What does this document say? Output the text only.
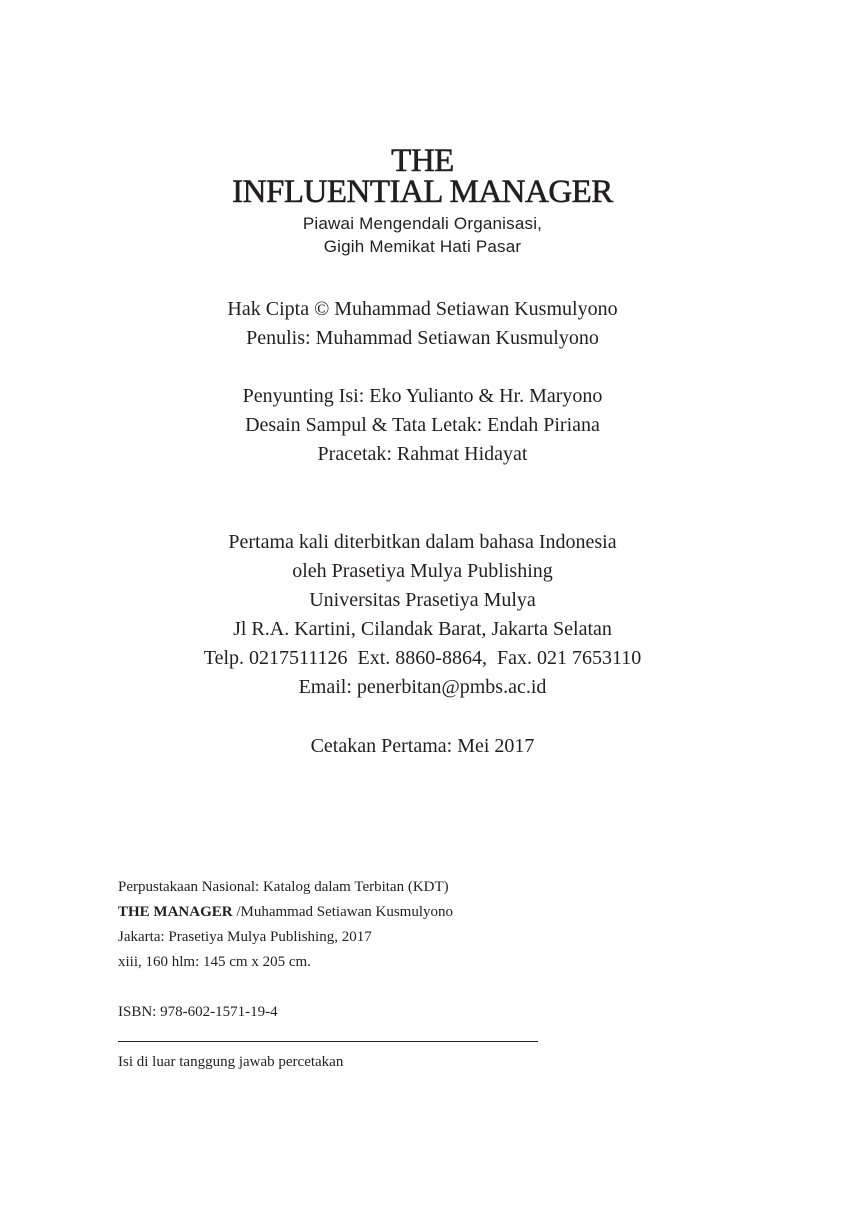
THE
INFLUENTIAL MANAGER
Piawai Mengendali Organisasi,
Gigih Memikat Hati Pasar
Hak Cipta © Muhammad Setiawan Kusmulyono
Penulis: Muhammad Setiawan Kusmulyono
Penyunting Isi: Eko Yulianto & Hr. Maryono
Desain Sampul & Tata Letak: Endah Piriana
Pracetak: Rahmat Hidayat
Pertama kali diterbitkan dalam bahasa Indonesia
oleh Prasetiya Mulya Publishing
Universitas Prasetiya Mulya
Jl R.A. Kartini, Cilandak Barat, Jakarta Selatan
Telp. 0217511126  Ext. 8860-8864,  Fax. 021 7653110
Email: penerbitan@pmbs.ac.id
Cetakan Pertama: Mei 2017
Perpustakaan Nasional: Katalog dalam Terbitan (KDT)
THE MANAGER /Muhammad Setiawan Kusmulyono
Jakarta: Prasetiya Mulya Publishing, 2017
xiii, 160 hlm: 145 cm x 205 cm.
ISBN: 978-602-1571-19-4
Isi di luar tanggung jawab percetakan
